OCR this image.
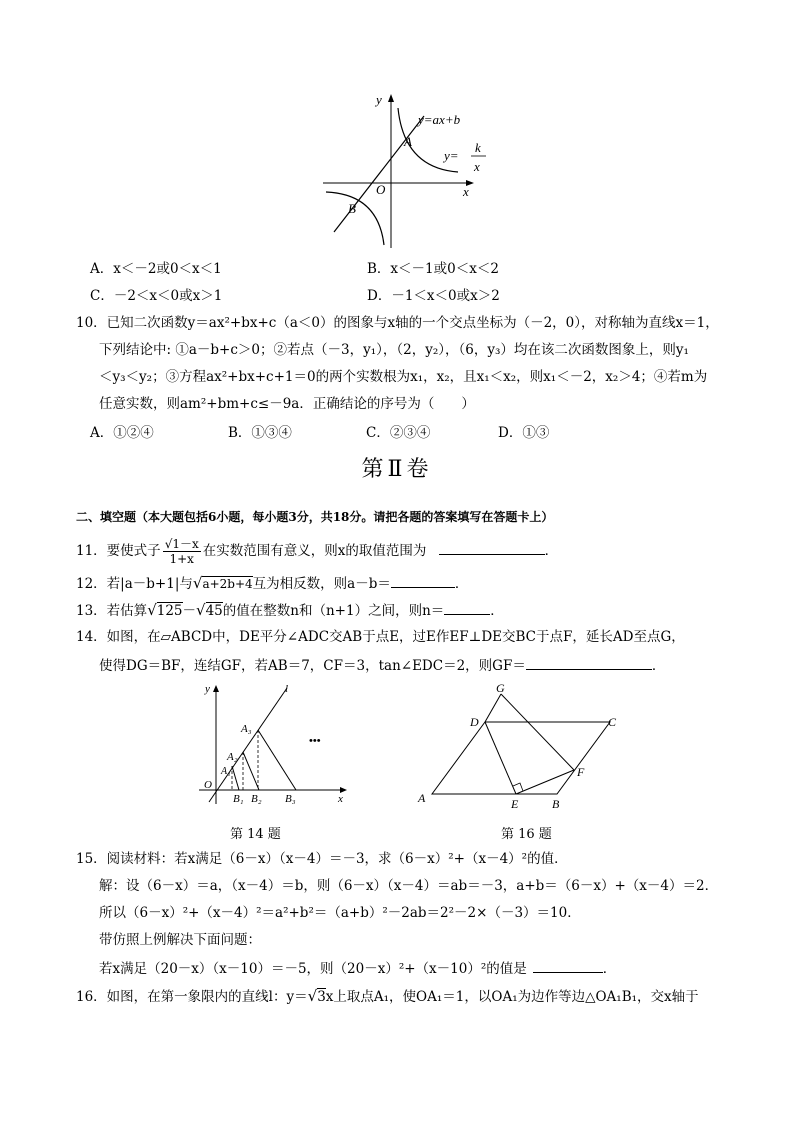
y
x
O
y=ax+b
y=
k
x
A
B
A．x＜－2或0＜x＜1	B．x＜－1或0＜x＜2
C．－2＜x＜0或x＞1	D．－1＜x＜0或x＞2
10．已知二次函数y＝ax²+bx+c（a＜0）的图象与x轴的一个交点坐标为（－2，0），对称轴为直线x＝1，
下列结论中: ①a－b+c＞0；②若点（－3，y₁），（2，y₂），（6，y₃）均在该二次函数图象上，则y₁
＜y₃＜y₂；③方程ax²+bx+c+1＝0的两个实数根为x₁，x₂，且x₁＜x₂，则x₁＜－2，x₂＞4；④若m为
任意实数，则am²+bm+c≤－9a．正确结论的序号为（　　）
A．①②④	B．①③④	C．②③④	D．①③
第Ⅱ卷
二、填空题（本大题包括6小题，每小题3分，共18分。请把各题的答案填写在答题卡上）
11．要使式子 $\frac{√1-x}{1+x}$ 在实数范围有意义，则x的取值范围为	．
12．若|a－b+1|与√a+2b+4互为相反数，则a－b＝	．
13．若估算√125－√45的值在整数n和（n+1）之间，则n＝	．
14．如图，在▱ABCD中，DE平分∠ADC交AB于点E，过E作EF⊥DE交BC于点F，延长AD至点G，
使得DG＝BF，连结GF，若AB＝7，CF＝3，tan∠EDC＝2，则GF＝	．
y	l
A₃
A₂
A₁
O
B₁ B₂ B₃	x
•••
第 14 题
G
D	C
F
A	E	B
第 16 题
15．阅读材料：若x满足（6－x）（x－4）＝－3，求（6－x）²+（x－4）²的值．
解：设（6－x）＝a，（x－4）＝b，则（6－x）（x－4）＝ab＝－3，a+b＝（6－x）+（x－4）＝2．
所以（6－x）²+（x－4）²＝a²+b²＝（a+b）²－2ab＝2²－2×（－3）＝10．
带仿照上例解决下面问题：
若x满足（20－x）（x－10）＝－5，则（20－x）²+（x－10）²的值是	．
16．如图，在第一象限内的直线l：y＝√3x上取点A₁，使OA₁＝1，以OA₁为边作等边△OA₁B₁，交x轴于
